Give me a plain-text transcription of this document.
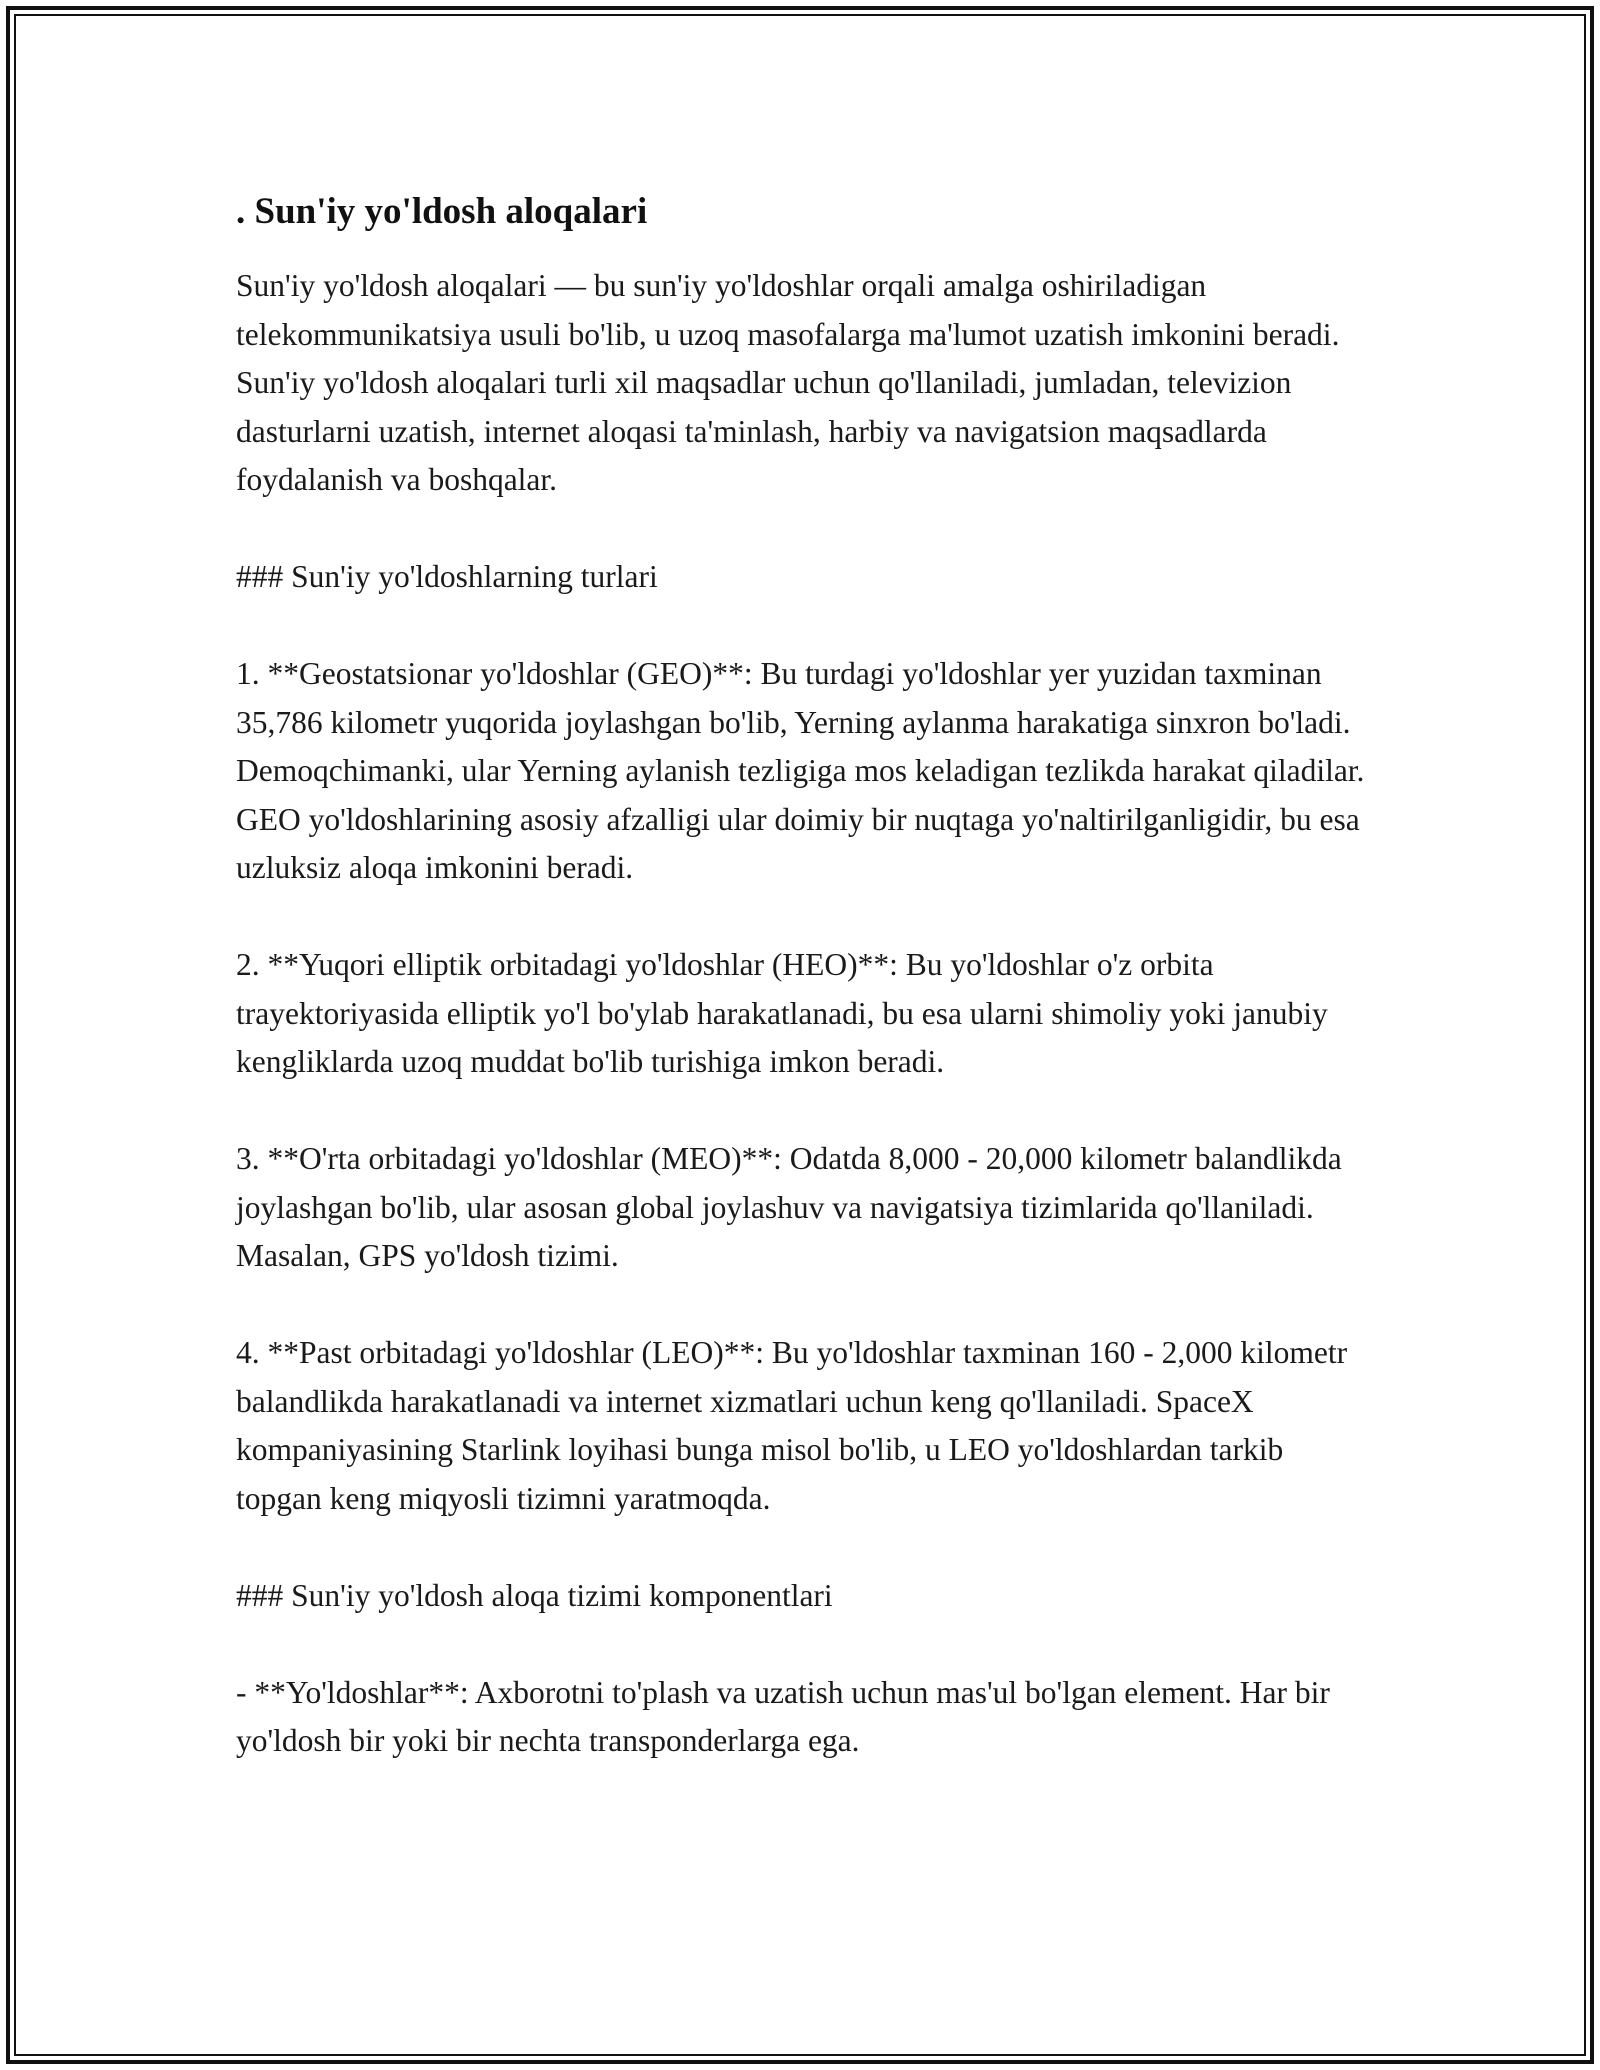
. Sun'iy yo'ldosh aloqalari

Sun'iy yo'ldosh aloqalari — bu sun'iy yo'ldoshlar orqali amalga oshiriladigan telekommunikatsiya usuli bo'lib, u uzoq masofalarga ma'lumot uzatish imkonini beradi. Sun'iy yo'ldosh aloqalari turli xil maqsadlar uchun qo'llaniladi, jumladan, televizion dasturlarni uzatish, internet aloqasi ta'minlash, harbiy va navigatsion maqsadlarda foydalanish va boshqalar.

### Sun'iy yo'ldoshlarning turlari

1. **Geostatsionar yo'ldoshlar (GEO)**: Bu turdagi yo'ldoshlar yer yuzidan taxminan 35,786 kilometr yuqorida joylashgan bo'lib, Yerning aylanma harakatiga sinxron bo'ladi. Demoqchimanki, ular Yerning aylanish tezligiga mos keladigan tezlikda harakat qiladilar. GEO yo'ldoshlarining asosiy afzalligi ular doimiy bir nuqtaga yo'naltirilganligidir, bu esa uzluksiz aloqa imkonini beradi.

2. **Yuqori elliptik orbitadagi yo'ldoshlar (HEO)**: Bu yo'ldoshlar o'z orbita trayektoriyasida elliptik yo'l bo'ylab harakatlanadi, bu esa ularni shimoliy yoki janubiy kengliklarda uzoq muddat bo'lib turishiga imkon beradi.

3. **O'rta orbitadagi yo'ldoshlar (MEO)**: Odatda 8,000 - 20,000 kilometr balandlikda joylashgan bo'lib, ular asosan global joylashuv va navigatsiya tizimlarida qo'llaniladi. Masalan, GPS yo'ldosh tizimi.

4. **Past orbitadagi yo'ldoshlar (LEO)**: Bu yo'ldoshlar taxminan 160 - 2,000 kilometr balandlikda harakatlanadi va internet xizmatlari uchun keng qo'llaniladi. SpaceX kompaniyasining Starlink loyihasi bunga misol bo'lib, u LEO yo'ldoshlardan tarkib topgan keng miqyosli tizimni yaratmoqda.

### Sun'iy yo'ldosh aloqa tizimi komponentlari

- **Yo'ldoshlar**: Axborotni to'plash va uzatish uchun mas'ul bo'lgan element. Har bir yo'ldosh bir yoki bir nechta transponderlarga ega.
